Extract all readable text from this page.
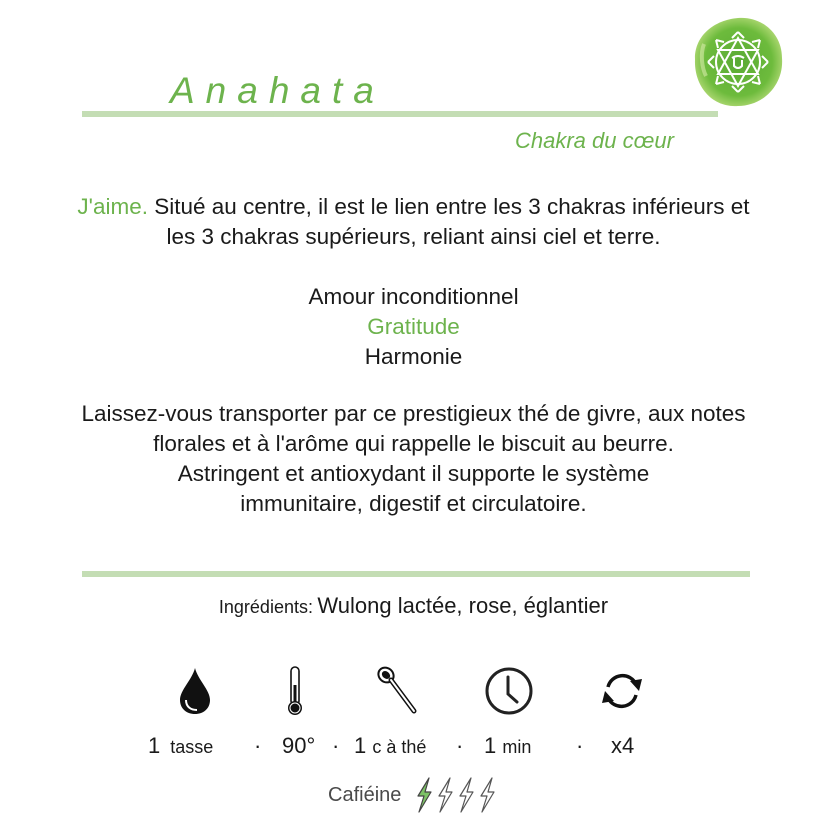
Anahata
Chakra du cœur
J'aime. Situé au centre, il est le lien entre les 3 chakras inférieurs et
les 3 chakras supérieurs, reliant ainsi ciel et terre.
Amour inconditionnel
Gratitude
Harmonie
Laissez-vous transporter par ce prestigieux thé de givre, aux notes
florales et à l'arôme qui rappelle le biscuit au beurre.
Astringent et antioxydant il supporte le système
immunitaire, digestif et circulatoire.
Ingrédients: Wulong lactée, rose, églantier
1 tasse · 90° · 1 c à thé · 1 min · x4
Cafiéine
